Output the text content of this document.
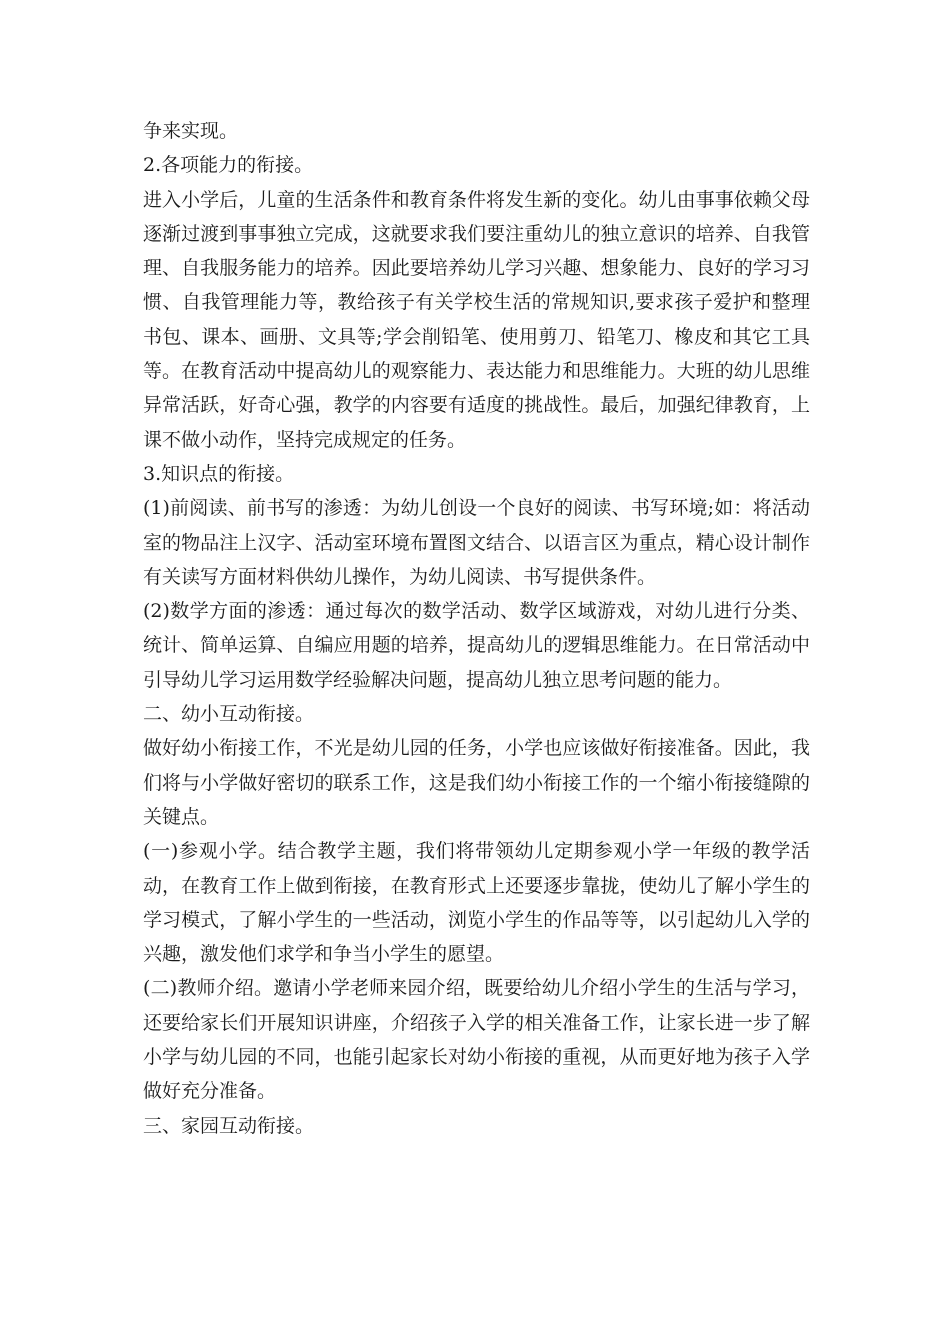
争来实现。

2.各项能力的衔接。

进入小学后，儿童的生活条件和教育条件将发生新的变化。幼儿由事事依赖父母逐渐过渡到事事独立完成，这就要求我们要注重幼儿的独立意识的培养、自我管理、自我服务能力的培养。因此要培养幼儿学习兴趣、想象能力、良好的学习习惯、自我管理能力等，教给孩子有关学校生活的常规知识,要求孩子爱护和整理书包、课本、画册、文具等;学会削铅笔、使用剪刀、铅笔刀、橡皮和其它工具等。在教育活动中提高幼儿的观察能力、表达能力和思维能力。大班的幼儿思维异常活跃，好奇心强，教学的内容要有适度的挑战性。最后，加强纪律教育，上课不做小动作，坚持完成规定的任务。

3.知识点的衔接。

(1)前阅读、前书写的渗透：为幼儿创设一个良好的阅读、书写环境;如：将活动室的物品注上汉字、活动室环境布置图文结合、以语言区为重点，精心设计制作有关读写方面材料供幼儿操作，为幼儿阅读、书写提供条件。

(2)数学方面的渗透：通过每次的数学活动、数学区域游戏，对幼儿进行分类、统计、简单运算、自编应用题的培养，提高幼儿的逻辑思维能力。在日常活动中引导幼儿学习运用数学经验解决问题，提高幼儿独立思考问题的能力。

二、幼小互动衔接。

做好幼小衔接工作，不光是幼儿园的任务，小学也应该做好衔接准备。因此，我们将与小学做好密切的联系工作，这是我们幼小衔接工作的一个缩小衔接缝隙的关键点。

(一)参观小学。结合教学主题，我们将带领幼儿定期参观小学一年级的教学活动，在教育工作上做到衔接，在教育形式上还要逐步靠拢，使幼儿了解小学生的学习模式，了解小学生的一些活动，浏览小学生的作品等等，以引起幼儿入学的兴趣，激发他们求学和争当小学生的愿望。

(二)教师介绍。邀请小学老师来园介绍，既要给幼儿介绍小学生的生活与学习，还要给家长们开展知识讲座，介绍孩子入学的相关准备工作，让家长进一步了解小学与幼儿园的不同，也能引起家长对幼小衔接的重视，从而更好地为孩子入学做好充分准备。

三、家园互动衔接。
